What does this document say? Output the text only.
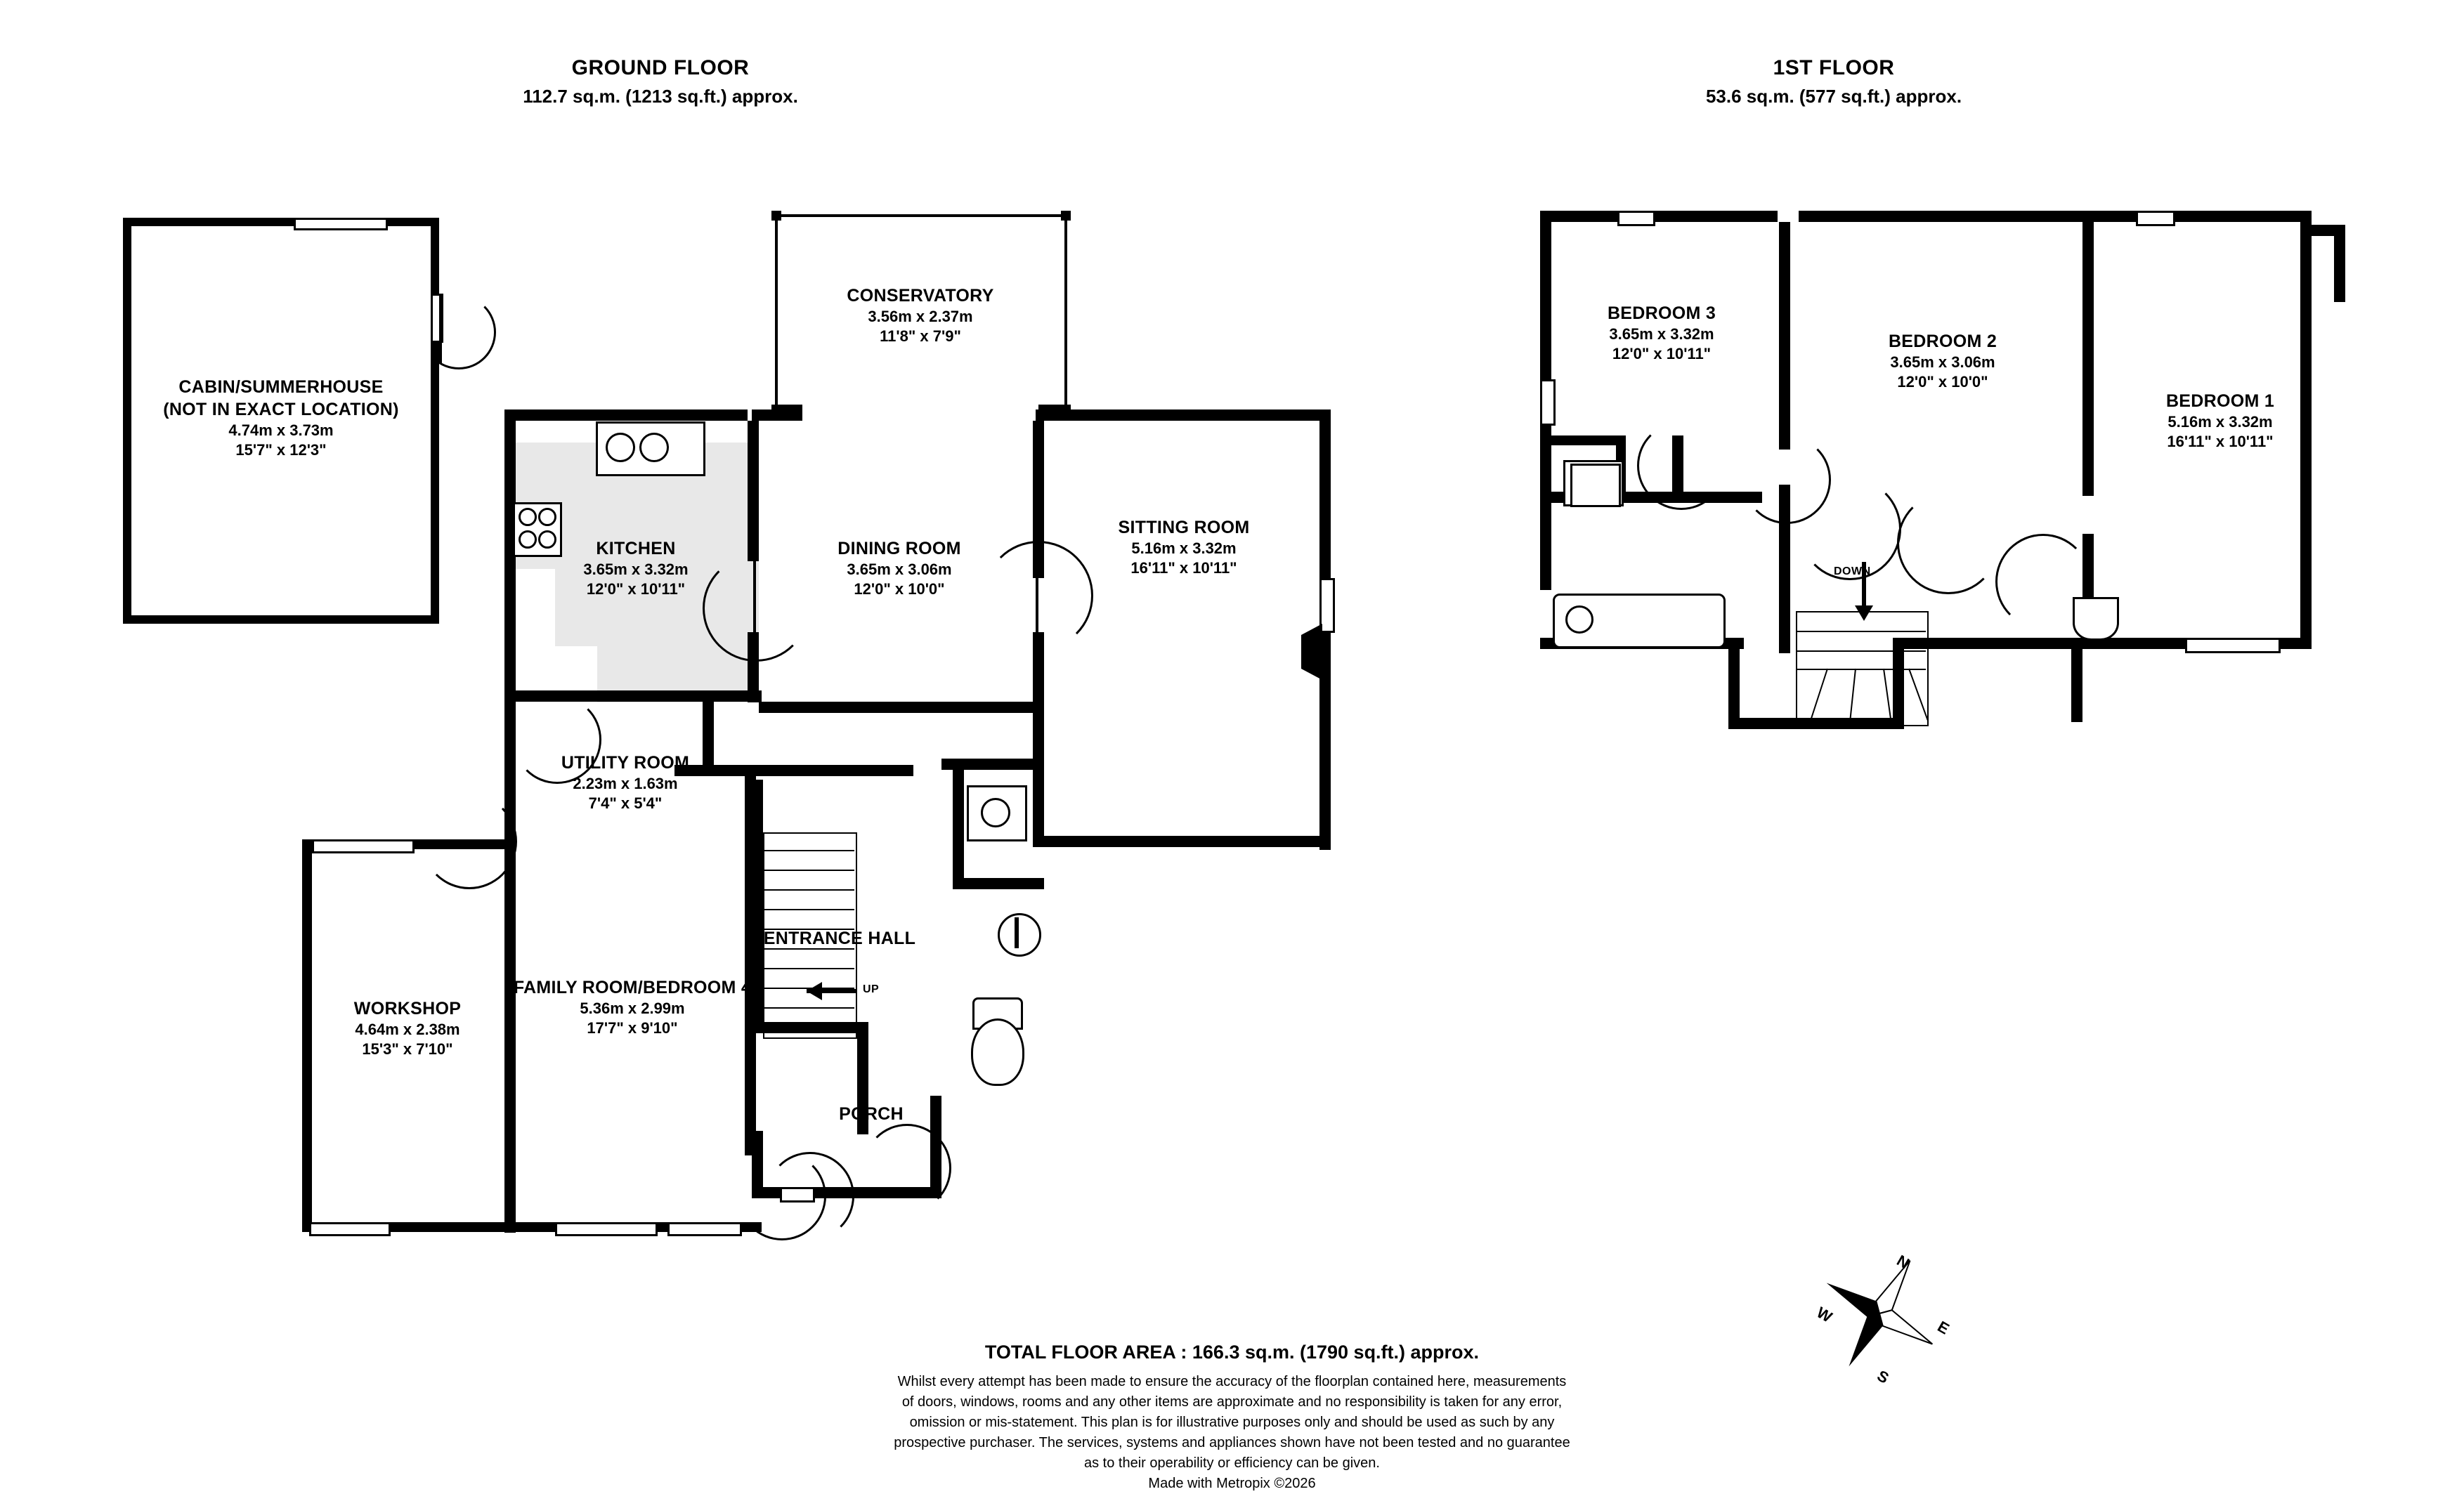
GROUND FLOOR
112.7 sq.m. (1213 sq.ft.) approx.
1ST FLOOR
53.6 sq.m. (577 sq.ft.) approx.
CABIN/SUMMERHOUSE
(NOT IN EXACT LOCATION)
4.74m x 3.73m
15'7" x 12'3"
CONSERVATORY
3.56m x 2.37m
11'8" x 7'9"
KITCHEN
3.65m x 3.32m
12'0" x 10'11"
DINING ROOM
3.65m x 3.06m
12'0" x 10'0"
SITTING ROOM
5.16m x 3.32m
16'11" x 10'11"
UTILITY ROOM
2.23m x 1.63m
7'4" x 5'4"
WORKSHOP
4.64m x 2.38m
15'3" x 7'10"
FAMILY ROOM/BEDROOM 4
5.36m x 2.99m
17'7" x 9'10"
UP
ENTRANCE HALL
PORCH
DOWN
BEDROOM 3
3.65m x 3.32m
12'0" x 10'11"
BEDROOM 2
3.65m x 3.06m
12'0" x 10'0"
BEDROOM 1
5.16m x 3.32m
16'11" x 10'11"
N
E
S
W
TOTAL FLOOR AREA : 166.3 sq.m. (1790 sq.ft.) approx.
Whilst every attempt has been made to ensure the accuracy of the floorplan contained here, measurements
of doors, windows, rooms and any other items are approximate and no responsibility is taken for any error,
omission or mis-statement. This plan is for illustrative purposes only and should be used as such by any
prospective purchaser. The services, systems and appliances shown have not been tested and no guarantee
as to their operability or efficiency can be given.
Made with Metropix ©2026
